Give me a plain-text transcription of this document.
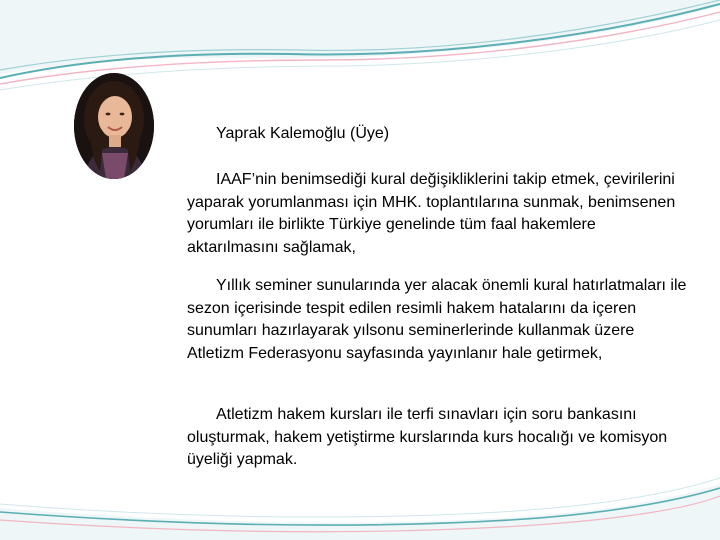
Yaprak Kalemoğlu (Üye)

IAAF’nin benimsediği kural değişikliklerini takip etmek, çevirilerini yaparak yorumlanması için MHK. toplantılarına sunmak, benimsenen yorumları ile birlikte Türkiye genelinde tüm faal hakemlere aktarılmasını sağlamak,

Yıllık seminer sunularında yer alacak önemli kural hatırlatmaları ile sezon içerisinde tespit edilen resimli hakem hatalarını da içeren sunumları hazırlayarak yılsonu seminerlerinde kullanmak üzere Atletizm Federasyonu sayfasında yayınlanır hale getirmek,

Atletizm hakem kursları ile terfi sınavları için soru bankasını oluşturmak, hakem yetiştirme kurslarında kurs hocalığı ve komisyon üyeliği yapmak.
